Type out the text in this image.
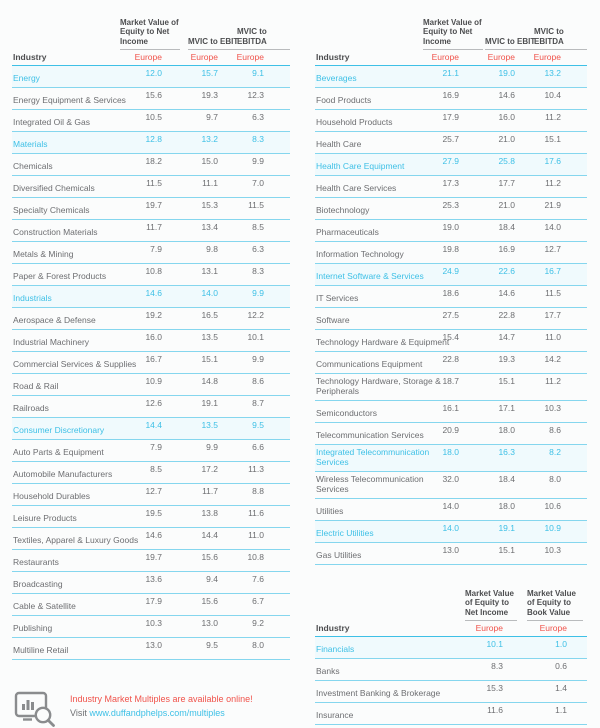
Market Value of Equity to Net Income	MVIC to EBIT
MVIC to EBITDA
Industry	Europe	Europe Europe
Energy	12.0	15.7	9.1
Energy Equipment & Services 15.6	19.3	12.3
Integrated Oil & Gas	10.5	9.7	6.3
Materials	12.8	13.2	8.3
Chemicals	18.2	15.0	9.9
Diversified Chemicals	11.5	11.1	7.0
Specialty Chemicals	19.7	15.3	11.5
Construction Materials	11.7	13.4	8.5
Metals & Mining	7.9	9.8	6.3
Paper & Forest Products	10.8	13.1	8.3
Industrials	14.6	14.0	9.9
Aerospace & Defense	19.2	16.5	12.2
Industrial Machinery	16.0	13.5	10.1
Commercial Services & Supplies 16.7	15.1	9.9
Road & Rail	10.9	14.8	8.6
Railroads	12.6	19.1	8.7
Consumer Discretionary	14.4	13.5	9.5
Auto Parts & Equipment	7.9	9.9	6.6
Automobile Manufacturers	8.5	17.2	11.3
Household Durables	12.7	11.7	8.8
Leisure Products	19.5	13.8	11.6
Textiles, Apparel & Luxury Goods 14.6	14.4	11.0
Restaurants	19.7	15.6	10.8
Broadcasting	13.6	9.4	7.6
Cable & Satellite	17.9	15.6	6.7
Publishing	10.3	13.0	9.2
Multiline Retail	13.0	9.5	8.0
Industry Market Multiples are available online!
Visit www.duffandphelps.com/multiples
Market Value of Equity to Net Income	MVIC to EBIT
MVIC to EBITDA
Industry	Europe	Europe Europe
Beverages	21.1	19.0	13.2
Food Products	16.9	14.6	10.4
Household Products	17.9	16.0	11.2
Health Care	25.7	21.0	15.1
Health Care Equipment	27.9	25.8	17.6
Health Care Services	17.3	17.7	11.2
Biotechnology	25.3	21.0	21.9
Pharmaceuticals	19.0	18.4	14.0
Information Technology	19.8	16.9	12.7
Internet Software & Services 24.9	22.6	16.7
IT Services	18.6	14.6	11.5
Software	27.5	22.8	17.7
Technology Hardware & Equipment
15.4	14.7	11.0
Communications Equipment 22.8	19.3	14.2
Technology Hardware, Storage & Peripherals
18.7	15.1	11.2
Semiconductors	16.1	17.1	10.3
Telecommunication Services 20.9	18.0	8.6
Integrated Telecommunication Services
18.0	16.3	8.2
Wireless Telecommunication Services
32.0	18.4	8.0
Utilities	14.0	18.0	10.6
Electric Utilities	14.0	19.1	10.9
Gas Utilities	13.0	15.1	10.3
Market Value of Equity to Net Income
Market Value of Equity to Book Value
Industry	Europe	Europe
Financials	10.1	1.0
Banks	8.3	0.6
Investment Banking & Brokerage	15.3	1.4
Insurance	11.6	1.1
